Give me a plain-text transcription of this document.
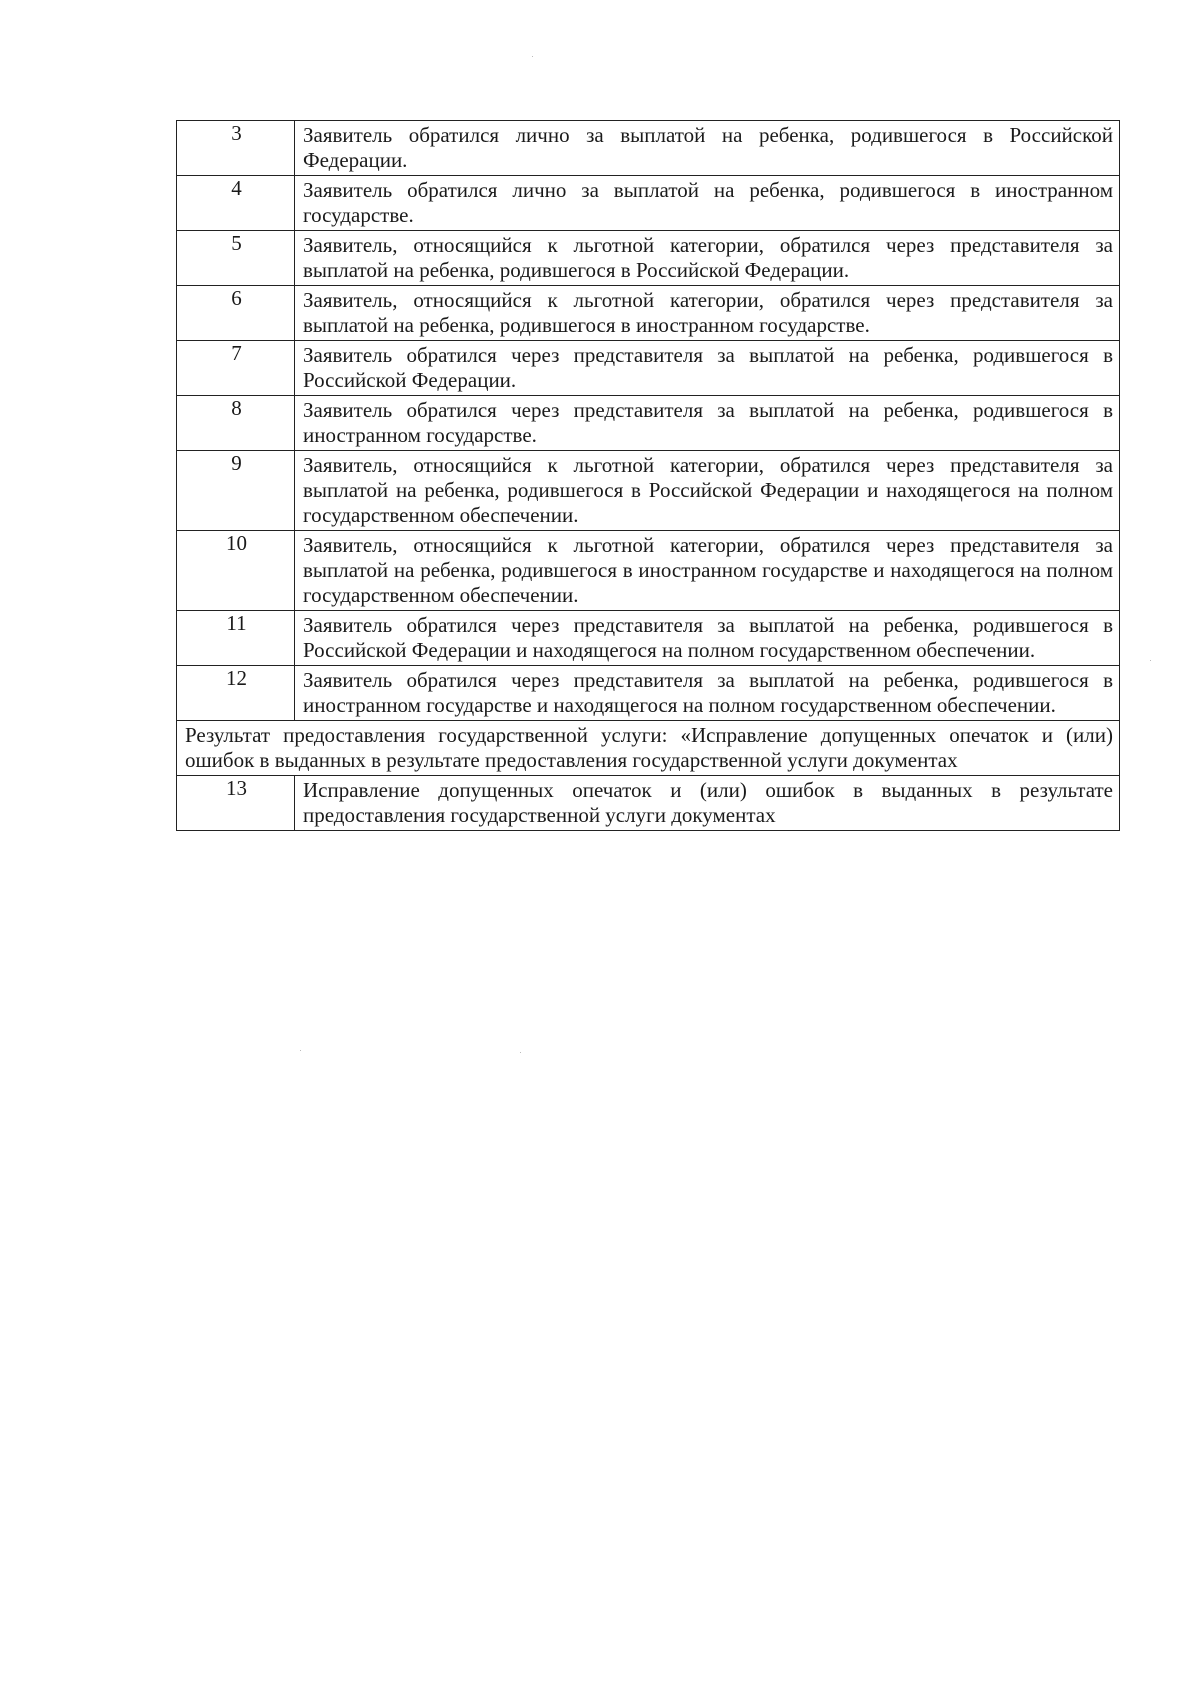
3	Заявитель обратился лично за выплатой на ребенка, родившегося в Российской Федерации.
4	Заявитель обратился лично за выплатой на ребенка, родившегося в иностранном государстве.
5	Заявитель, относящийся к льготной категории, обратился через представителя за выплатой на ребенка, родившегося в Российской Федерации.
6	Заявитель, относящийся к льготной категории, обратился через представителя за выплатой на ребенка, родившегося в иностранном государстве.
7	Заявитель обратился через представителя за выплатой на ребенка, родившегося в Российской Федерации.
8	Заявитель обратился через представителя за выплатой на ребенка, родившегося в иностранном государстве.
9	Заявитель, относящийся к льготной категории, обратился через представителя за выплатой на ребенка, родившегося в Российской Федерации и находящегося на полном государственном обеспечении.
10	Заявитель, относящийся к льготной категории, обратился через представителя за выплатой на ребенка, родившегося в иностранном государстве и находящегося на полном государственном обеспечении.
11	Заявитель обратился через представителя за выплатой на ребенка, родившегося в Российской Федерации и находящегося на полном государственном обеспечении.
12	Заявитель обратился через представителя за выплатой на ребенка, родившегося в иностранном государстве и находящегося на полном государственном обеспечении.
Результат предоставления государственной услуги: «Исправление допущенных опечаток и (или) ошибок в выданных в результате предоставления государственной услуги документах	
13	Исправление допущенных опечаток и (или) ошибок в выданных в результате предоставления государственной услуги документах
